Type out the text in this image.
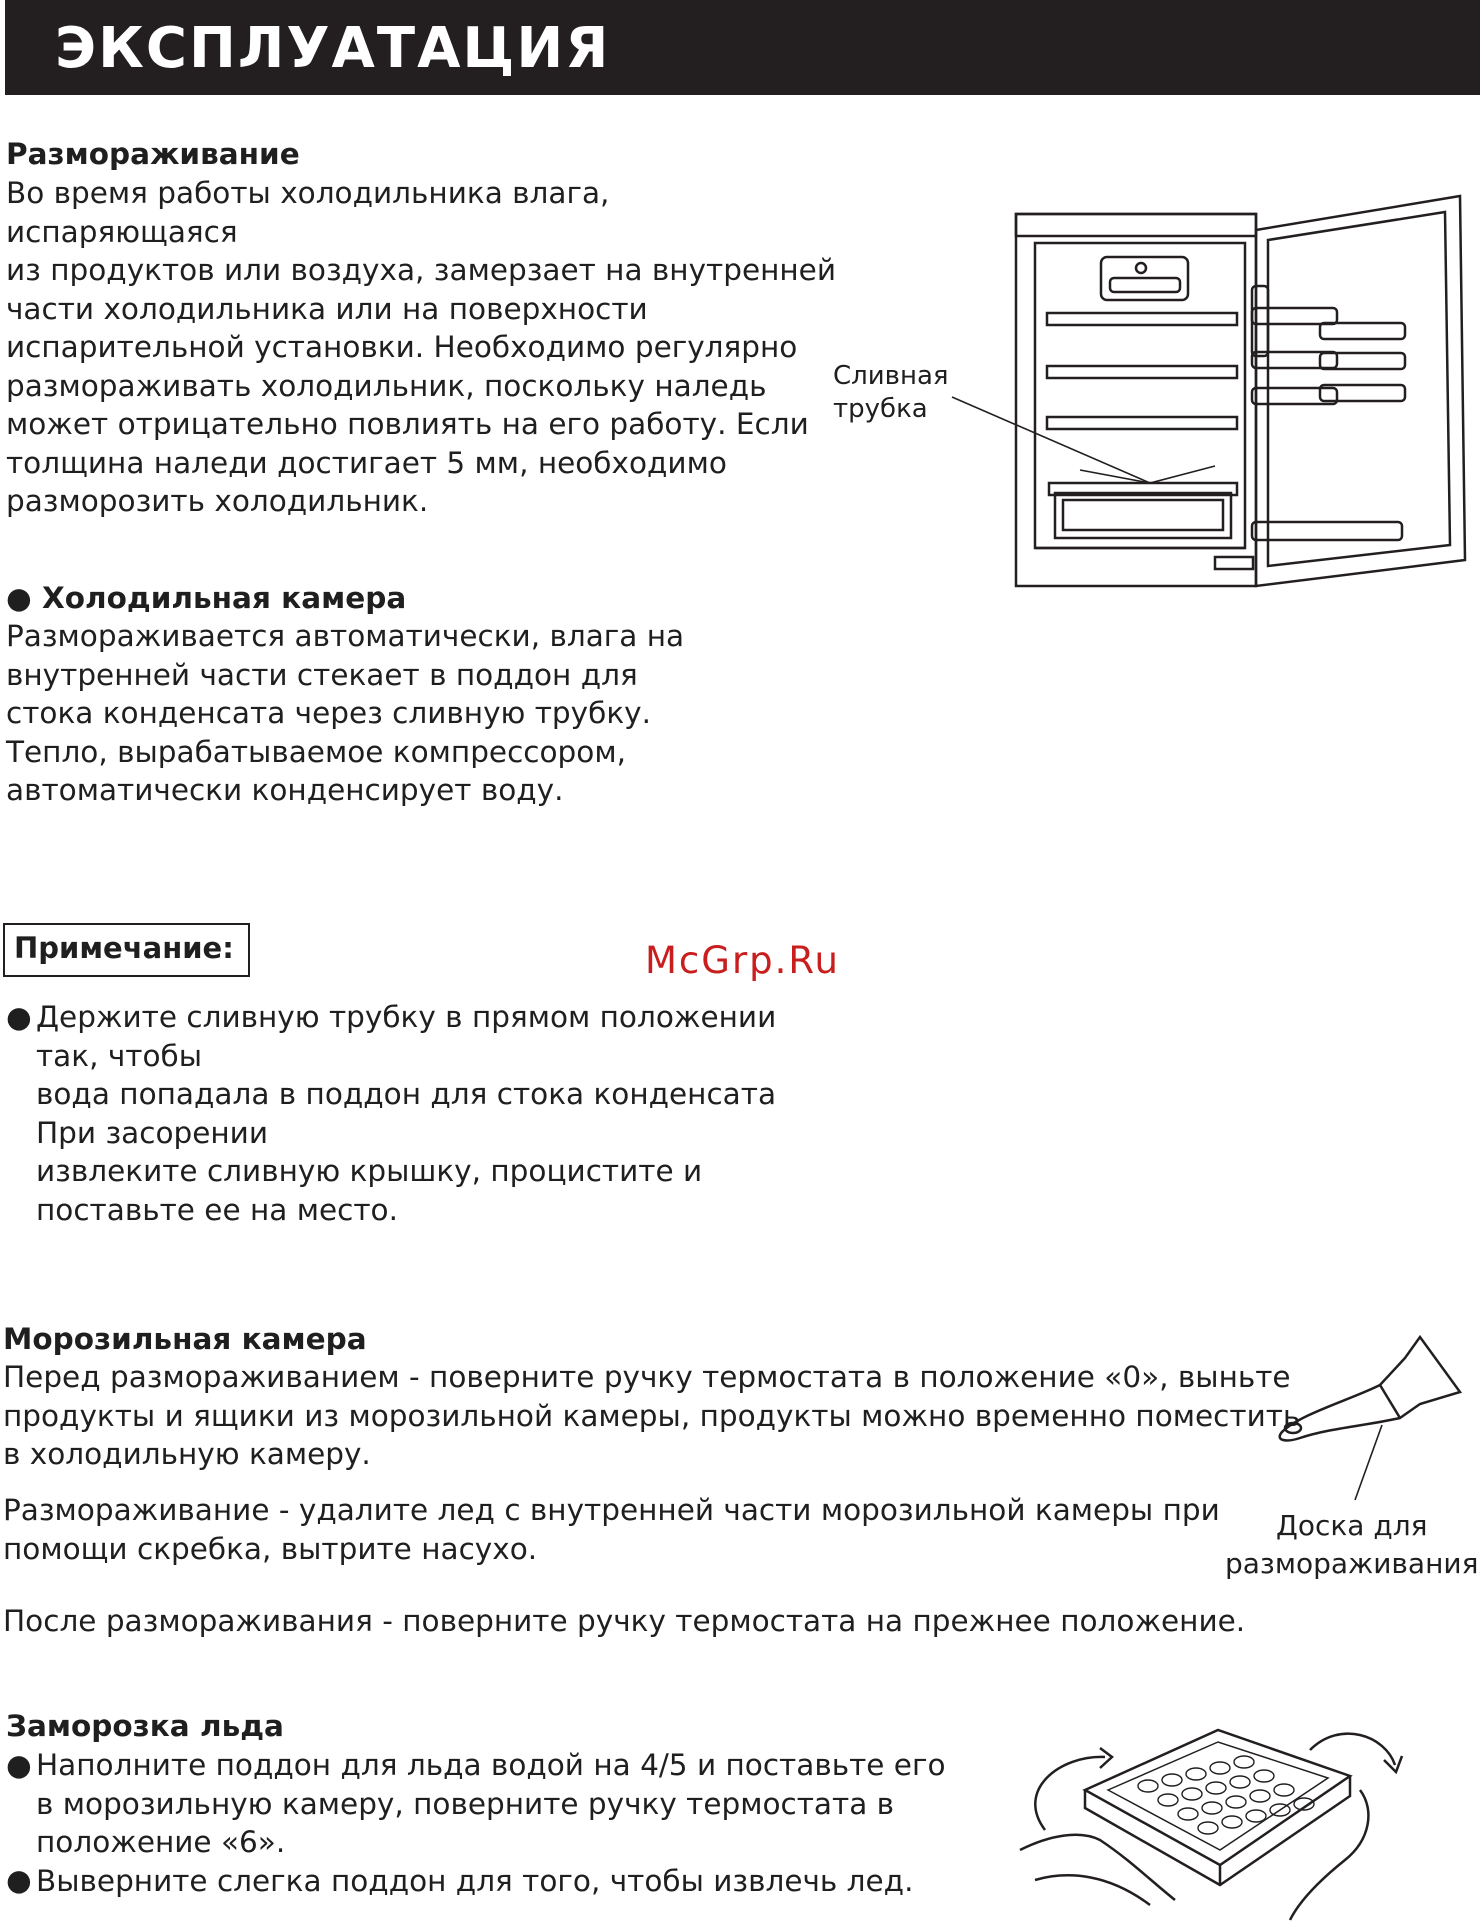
ЭКСПЛУАТАЦИЯ
Размораживание
Во время работы холодильника влага,
испаряющаяся
из продуктов или воздуха, замерзает на внутренней
части холодильника или на поверхности
испарительной установки. Необходимо регулярно
размораживать холодильник, поскольку наледь
может отрицательно повлиять на его работу. Если
толщина наледи достигает 5 мм, необходимо
разморозить холодильник.
Сливная
трубка
● Холодильная камера
Размораживается автоматически, влага на
внутренней части стекает в поддон для
стока конденсата через сливную трубку.
Тепло, вырабатываемое компрессором,
автоматически конденсирует воду.

Примечание:	McGrp.Ru
● Держите сливную трубку в прямом положении
так, чтобы
вода попадала в поддон для стока конденсата
При засорении
извлеките сливную крышку, процистите и
поставьте ее на место.
Морозильная камера
Перед размораживанием - поверните ручку термостата в положение «0», выньте
продукты и ящики из морозильной камеры, продукты можно временно поместить
в холодильную камеру.
Размораживание - удалите лед с внутренней части морозильной камеры при
помощи скребка, вытрите насухо.
После размораживания - поверните ручку термостата на прежнее положение.
Доска для
размораживания
Заморозка льда
● Наполните поддон для льда водой на 4/5 и поставьте его
в морозильную камеру, поверните ручку термостата в
положение «6».
● Выверните слегка поддон для того, чтобы извлечь лед.
